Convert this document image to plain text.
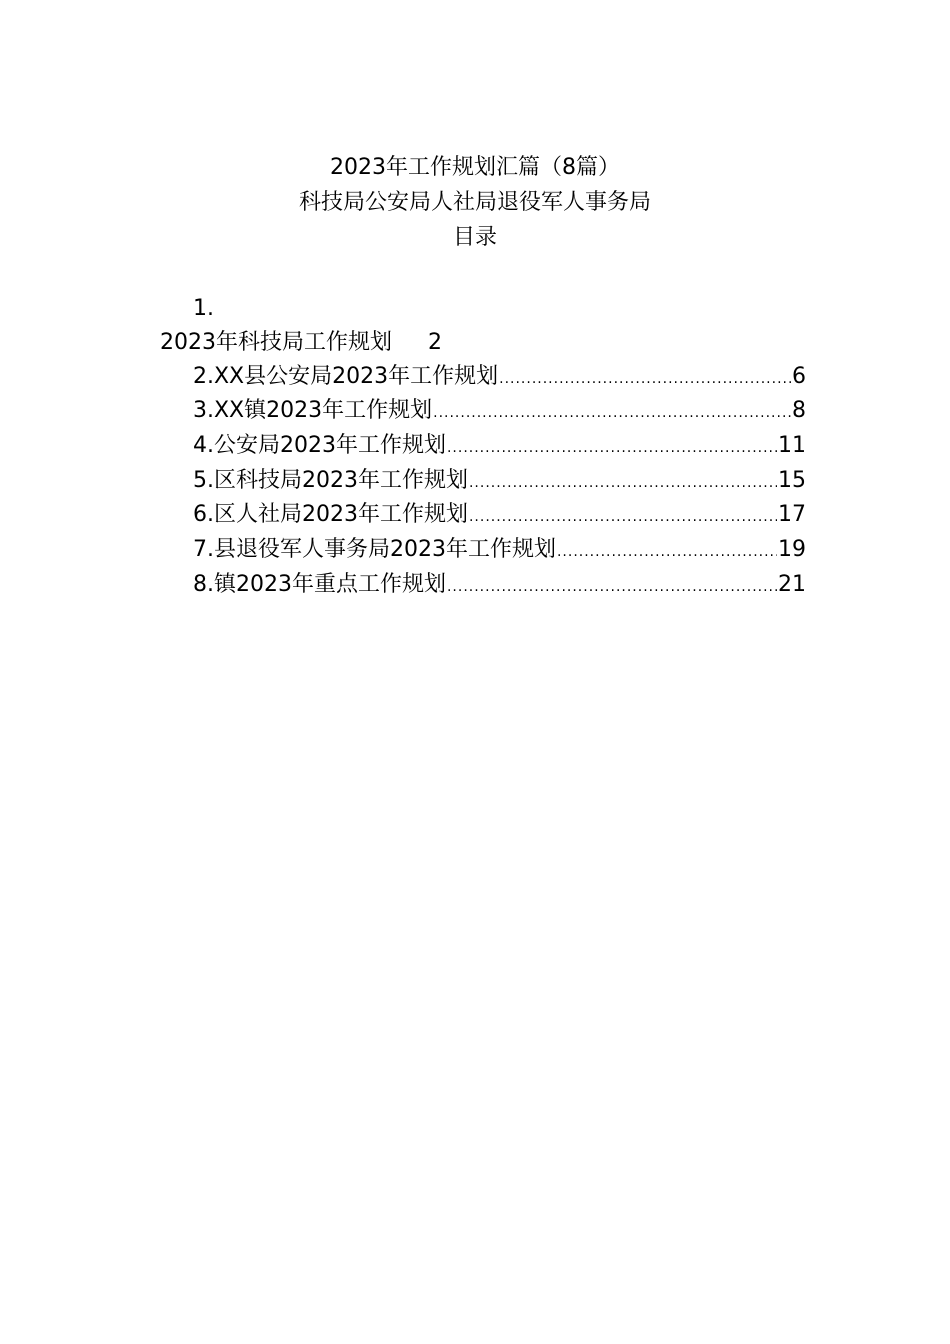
2023年工作规划汇篇（8篇）
科技局公安局人社局退役军人事务局
目录
1.
2023年科技局工作规划 2
2.XX县公安局2023年工作规划 .....	6
3.XX镇2023年工作规划 .....	8
4.公安局2023年工作规划 .....	11
5.区科技局2023年工作规划 .....	15
6.区人社局2023年工作规划 .....	17
7.县退役军人事务局2023年工作规划 .....	19
8.镇2023年重点工作规划 .....	21
